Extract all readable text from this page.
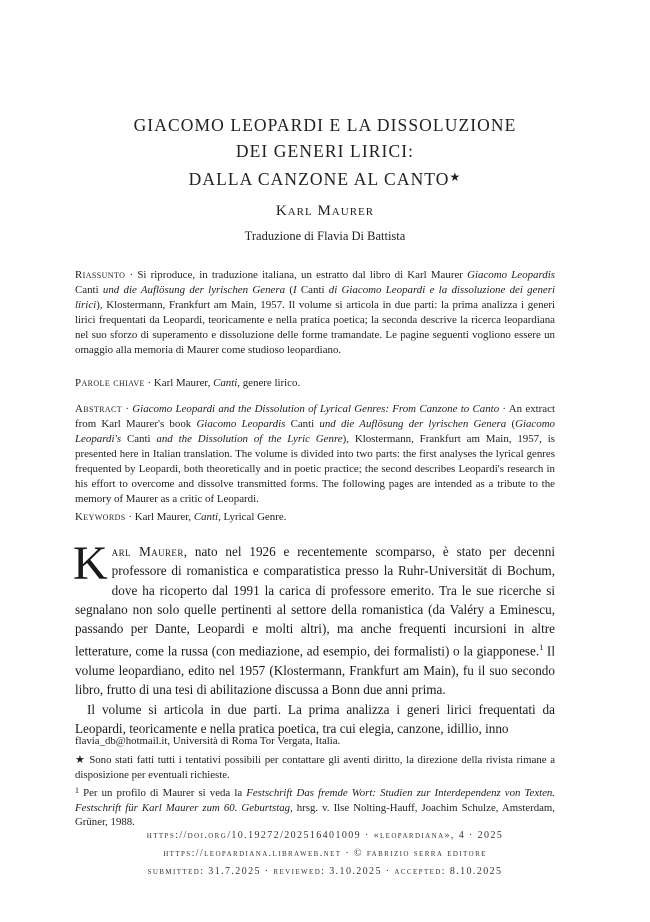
GIACOMO LEOPARDI E LA DISSOLUZIONE
DEI GENERI LIRICI:
DALLA CANZONE AL CANTO★
Karl Maurer
Traduzione di Flavia Di Battista
Riassunto · Si riproduce, in traduzione italiana, un estratto dal libro di Karl Maurer Giacomo Leopardis Canti und die Auflösung der lyrischen Genera (I Canti di Giacomo Leopardi e la dissoluzione dei generi lirici), Klostermann, Frankfurt am Main, 1957. Il volume si articola in due parti: la prima analizza i generi lirici frequentati da Leopardi, teoricamente e nella pratica poetica; la seconda descrive la ricerca leopardiana nel suo sforzo di superamento e dissoluzione delle forme tramandate. Le pagine seguenti vogliono essere un omaggio alla memoria di Maurer come studioso leopardiano.
Parole chiave · Karl Maurer, Canti, genere lirico.
Abstract · Giacomo Leopardi and the Dissolution of Lyrical Genres: From Canzone to Canto · An extract from Karl Maurer's book Giacomo Leopardis Canti und die Auflösung der lyrischen Genera (Giacomo Leopardi's Canti and the Dissolution of the Lyric Genre), Klostermann, Frankfurt am Main, 1957, is presented here in Italian translation. The volume is divided into two parts: the first analyses the lyrical genres frequented by Leopardi, both theoretically and in poetic practice; the second describes Leopardi's research in his effort to overcome and dissolve transmitted forms. The following pages are intended as a tribute to the memory of Maurer as a critic of Leopardi.
Keywords · Karl Maurer, Canti, Lyrical Genre.

Karl Maurer, nato nel 1926 e recentemente scomparso, è stato per decenni professore di romanistica e comparatistica presso la Ruhr-Universität di Bochum, dove ha ricoperto dal 1991 la carica di professore emerito. Tra le sue ricerche si segnalano non solo quelle pertinenti al settore della romanistica (da Valéry a Eminescu, passando per Dante, Leopardi e molti altri), ma anche frequenti incursioni in altre letterature, come la russa (con mediazione, ad esempio, dei formalisti) o la giapponese.$^1$ Il volume leopardiano, edito nel 1957 (Klostermann, Frankfurt am Main), fu il suo secondo libro, frutto di una tesi di abilitazione discussa a Bonn due anni prima.

Il volume si articola in due parti. La prima analizza i generi lirici frequentati da Leopardi, teoricamente e nella pratica poetica, tra cui elegia, canzone, idillio, inno

flavia_db@hotmail.it, Università di Roma Tor Vergata, Italia.
★ Sono stati fatti tutti i tentativi possibili per contattare gli aventi diritto, la direzione della rivista rimane a disposizione per eventuali richieste.
$^1$ Per un profilo di Maurer si veda la Festschrift Das fremde Wort: Studien zur Interdependenz von Texten. Festschrift für Karl Maurer zum 60. Geburtstag, hrsg. v. Ilse Nolting-Hauff, Joachim Schulze, Amsterdam, Grüner, 1988.
https://doi.org/10.19272/202516401009 · «leopardiana», 4 · 2025
https://leopardiana.libraweb.net · © fabrizio serra editore
submitted: 31.7.2025 · reviewed: 3.10.2025 · accepted: 8.10.2025
